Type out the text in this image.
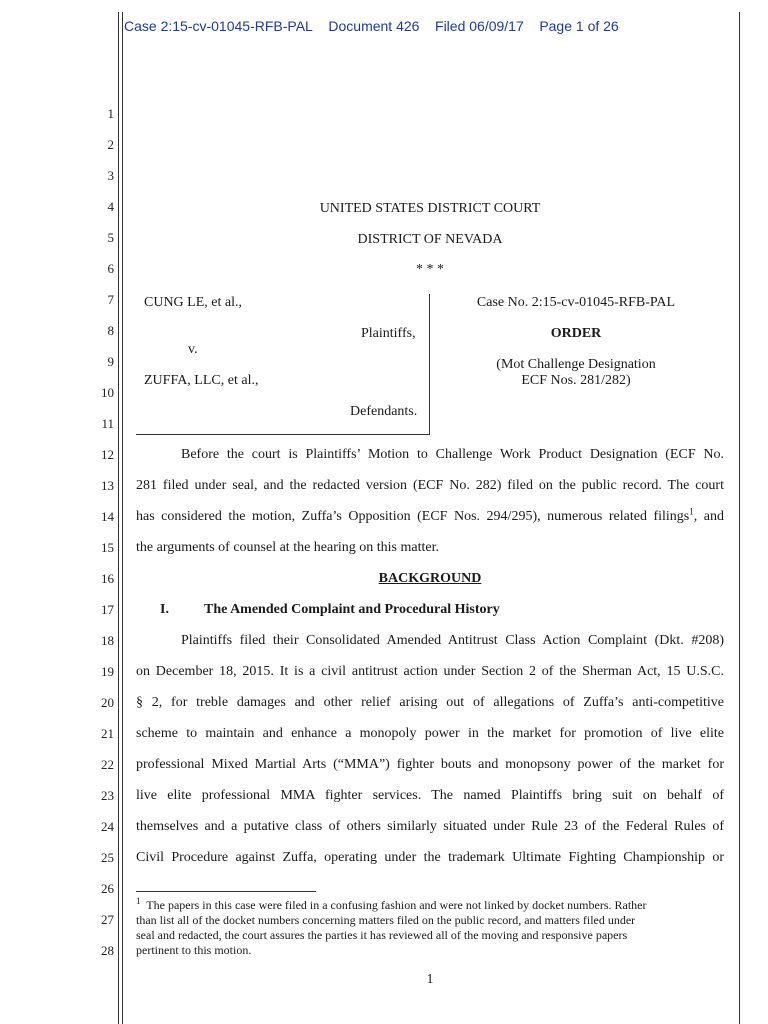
Case 2:15-cv-01045-RFB-PAL Document 426 Filed 06/09/17 Page 1 of 26
1
2
3
4
5
6
7
8
9
10
11
12
13
14
15
16
17
18
19
20
21
22
23
24
25
26
27
28
UNITED STATES DISTRICT COURT
DISTRICT OF NEVADA
* * *
CUNG LE, et al.,
Plaintiffs,
v.
ZUFFA, LLC, et al.,
Defendants.
Case No. 2:15-cv-01045-RFB-PAL
ORDER
(Mot Challenge Designation
ECF Nos. 281/282)
Before the court is Plaintiffs’ Motion to Challenge Work Product Designation (ECF No.
281 filed under seal, and the redacted version (ECF No. 282) filed on the public record. The court
has considered the motion, Zuffa’s Opposition (ECF Nos. 294/295), numerous related filings$^1$, and
the arguments of counsel at the hearing on this matter.
BACKGROUND
I.	The Amended Complaint and Procedural History
Plaintiffs filed their Consolidated Amended Antitrust Class Action Complaint (Dkt. #208)
on December 18, 2015. It is a civil antitrust action under Section 2 of the Sherman Act, 15 U.S.C.
§ 2, for treble damages and other relief arising out of allegations of Zuffa’s anti-competitive
scheme to maintain and enhance a monopoly power in the market for promotion of live elite
professional Mixed Martial Arts (“MMA”) fighter bouts and monopsony power of the market for
live elite professional MMA fighter services. The named Plaintiffs bring suit on behalf of
themselves and a putative class of others similarly situated under Rule 23 of the Federal Rules of
Civil Procedure against Zuffa, operating under the trademark Ultimate Fighting Championship or
$^1$ The papers in this case were filed in a confusing fashion and were not linked by docket numbers. Rather
than list all of the docket numbers concerning matters filed on the public record, and matters filed under
seal and redacted, the court assures the parties it has reviewed all of the moving and responsive papers
pertinent to this motion.
1
